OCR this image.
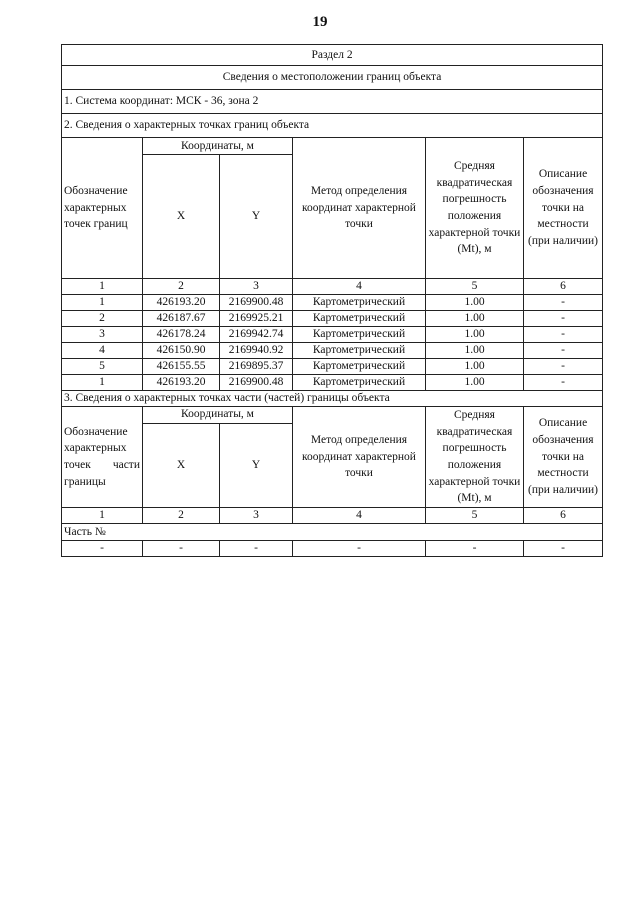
19
Раздел 2					
Сведения о местоположении границ объекта					
1. Система координат: МСК - 36, зона 2					
2. Сведения о характерных точках границ объекта					
Обозначение характерных точек границ	Координаты, м		Метод определения координат характерной точки	Средняя квадратическая погрешность положения характерной точки (Mt), м	Описание обозначения точки на местности (при наличии)
	X	Y			
1	2	3	4	5	6
1	426193.20	2169900.48	Картометрический	1.00	-
2	426187.67	2169925.21	Картометрический	1.00	-
3	426178.24	2169942.74	Картометрический	1.00	-
4	426150.90	2169940.92	Картометрический	1.00	-
5	426155.55	2169895.37	Картометрический	1.00	-
1	426193.20	2169900.48	Картометрический	1.00	-
3. Сведения о характерных точках части (частей) границы объекта					
Обозначение характерных точек части границы	Координаты, м		Метод определения координат характерной точки	Средняя квадратическая погрешность положения характерной точки (Mt), м	Описание обозначения точки на местности (при наличии)
	X	Y			
1	2	3	4	5	6
Часть №					
-	-	-	-	-	-
